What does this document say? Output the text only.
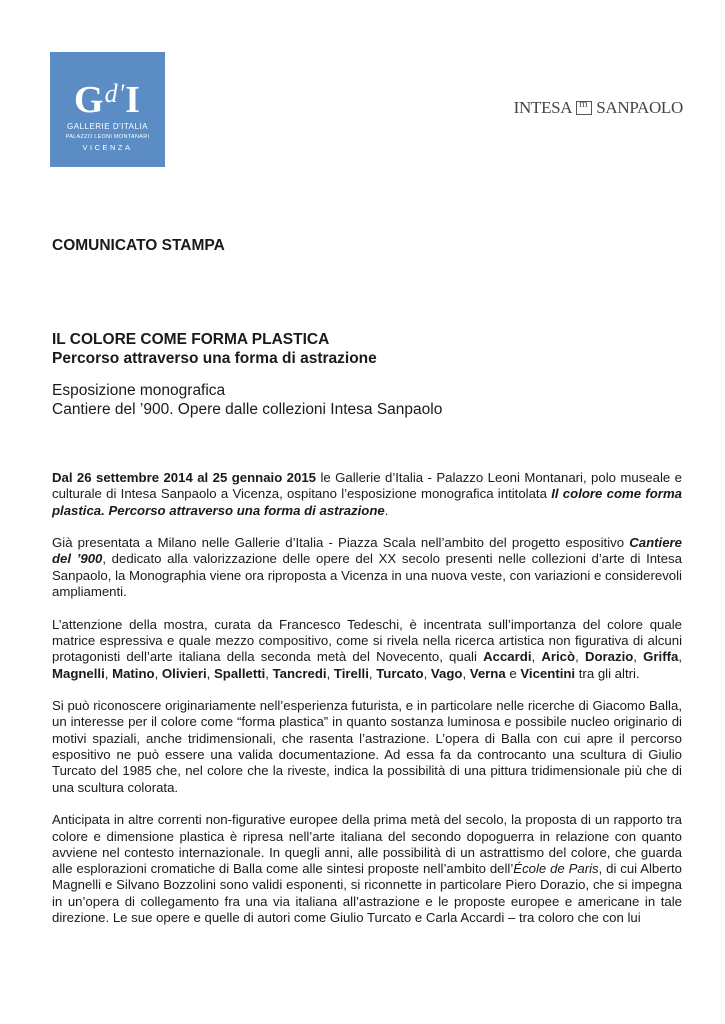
$G^{d'}I$
GALLERIE D'ITALIA
PALAZZO LEONI MONTANARI
VICENZA
INTESA
m SANPAOLO
COMUNICATO STAMPA
IL COLORE COME FORMA PLASTICA
Percorso attraverso una forma di astrazione
Esposizione monografica
Cantiere del ’900. Opere dalle collezioni Intesa Sanpaolo

Dal 26 settembre 2014 al 25 gennaio 2015 le Gallerie d’Italia - Palazzo Leoni Montanari, polo museale e culturale di Intesa Sanpaolo a Vicenza, ospitano l’esposizione monografica intitolata Il colore come forma plastica. Percorso attraverso una forma di astrazione.

Già presentata a Milano nelle Gallerie d’Italia - Piazza Scala nell’ambito del progetto espositivo Cantiere del ’900, dedicato alla valorizzazione delle opere del XX secolo presenti nelle collezioni d’arte di Intesa Sanpaolo, la Monographia viene ora riproposta a Vicenza in una nuova veste, con variazioni e considerevoli ampliamenti.

L’attenzione della mostra, curata da Francesco Tedeschi, è incentrata sull’importanza del colore quale matrice espressiva e quale mezzo compositivo, come si rivela nella ricerca artistica non figurativa di alcuni protagonisti dell’arte italiana della seconda metà del Novecento, quali Accardi, Aricò, Dorazio, Griffa, Magnelli, Matino, Olivieri, Spalletti, Tancredi, Tirelli, Turcato, Vago, Verna e Vicentini tra gli altri.

Si può riconoscere originariamente nell’esperienza futurista, e in particolare nelle ricerche di Giacomo Balla, un interesse per il colore come “forma plastica” in quanto sostanza luminosa e possibile nucleo originario di motivi spaziali, anche tridimensionali, che rasenta l’astrazione. L’opera di Balla con cui apre il percorso espositivo ne può essere una valida documentazione. Ad essa fa da controcanto una scultura di Giulio Turcato del 1985 che, nel colore che la riveste, indica la possibilità di una pittura tridimensionale più che di una scultura colorata.

Anticipata in altre correnti non-figurative europee della prima metà del secolo, la proposta di un rapporto tra colore e dimensione plastica è ripresa nell’arte italiana del secondo dopoguerra in relazione con quanto avviene nel contesto internazionale. In quegli anni, alle possibilità di un astrattismo del colore, che guarda alle esplorazioni cromatiche di Balla come alle sintesi proposte nell’ambito dell’École de Paris, di cui Alberto Magnelli e Silvano Bozzolini sono validi esponenti, si riconnette in particolare Piero Dorazio, che si impegna in un’opera di collegamento fra una via italiana all’astrazione e le proposte europee e americane in tale direzione. Le sue opere e quelle di autori come Giulio Turcato e Carla Accardi – tra coloro che con lui
